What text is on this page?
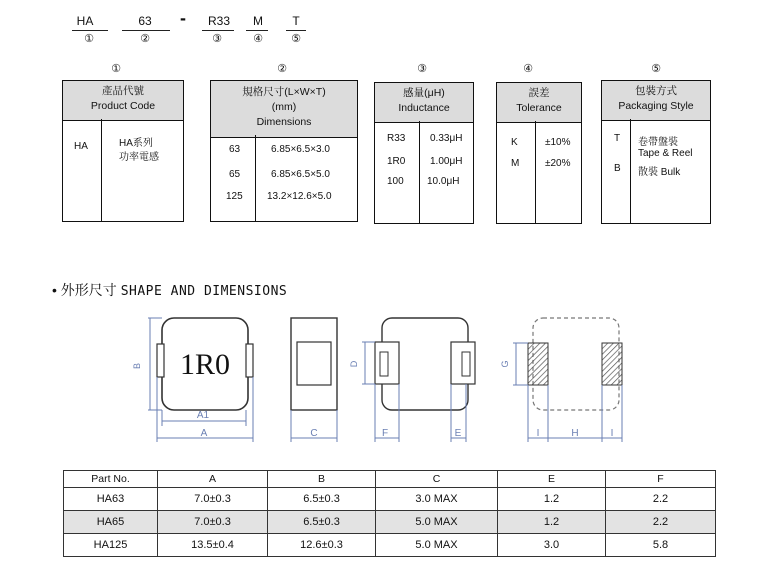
HA
①
63
②
-	R33
③
M
④
T
⑤
①
產品代號
Product Code
HA	HA系列
功率電感
②
規格尺寸(L×W×T)
(mm)
Dimensions
63	6.85×6.5×3.0
65	6.85×6.5×5.0
125 13.2×12.6×5.0
③
感量(μH)
Inductance
R33 0.33μH
1R0 1.00μH
100 10.0μH
④
誤差
Tolerance
K	±10%
M	±20%
⑤
包裝方式
Packaging Style
T 卷帶盤裝
Tape & Reel
B 散裝 Bulk
• 外形尺寸 SHAPE AND DIMENSIONS
1R0
B
A1
A	C
D
F	E
G
I	H	I
Part No.	A	B	C	E	F
HA63	7.0±0.3	6.5±0.3	3.0 MAX	1.2	2.2
HA65	7.0±0.3	6.5±0.3	5.0 MAX	1.2	2.2
HA125	13.5±0.4	12.6±0.3	5.0 MAX	3.0	5.8
